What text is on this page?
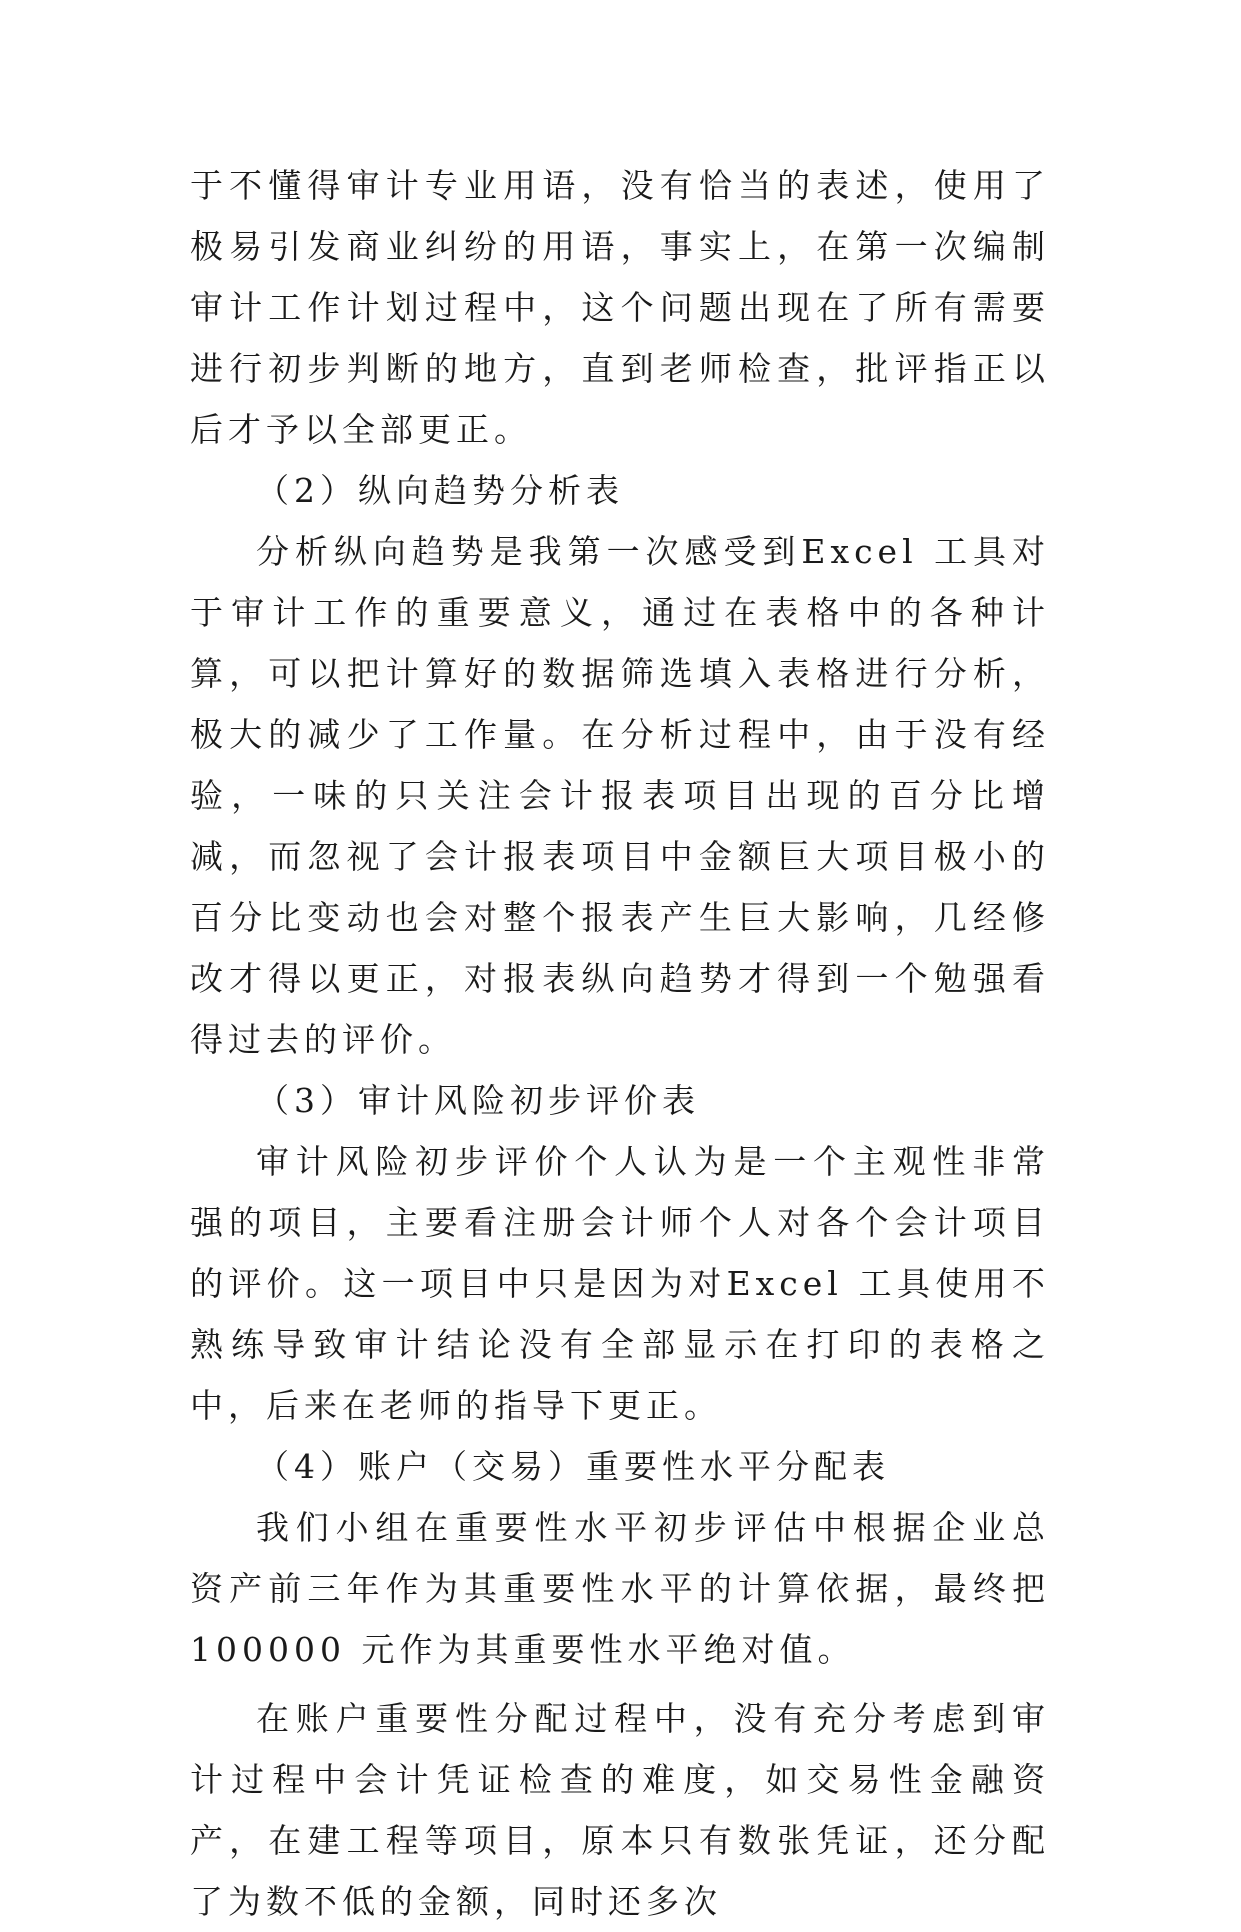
于不懂得审计专业用语，没有恰当的表述，使用了极易引发商业纠纷的用语，事实上，在第一次编制审计工作计划过程中，这个问题出现在了所有需要进行初步判断的地方，直到老师检查，批评指正以后才予以全部更正。

（2）纵向趋势分析表

分析纵向趋势是我第一次感受到Excel 工具对于审计工作的重要意义，通过在表格中的各种计算，可以把计算好的数据筛选填入表格进行分析，极大的减少了工作量。在分析过程中，由于没有经验，一味的只关注会计报表项目出现的百分比增减，而忽视了会计报表项目中金额巨大项目极小的百分比变动也会对整个报表产生巨大影响，几经修改才得以更正，对报表纵向趋势才得到一个勉强看得过去的评价。

（3）审计风险初步评价表

审计风险初步评价个人认为是一个主观性非常强的项目，主要看注册会计师个人对各个会计项目的评价。这一项目中只是因为对Excel 工具使用不熟练导致审计结论没有全部显示在打印的表格之中，后来在老师的指导下更正。

（4）账户（交易）重要性水平分配表

我们小组在重要性水平初步评估中根据企业总资产前三年作为其重要性水平的计算依据，最终把 100000 元作为其重要性水平绝对值。

在账户重要性分配过程中，没有充分考虑到审计过程中会计凭证检查的难度，如交易性金融资产，在建工程等项目，原本只有数张凭证，还分配了为数不低的金额，同时还多次
